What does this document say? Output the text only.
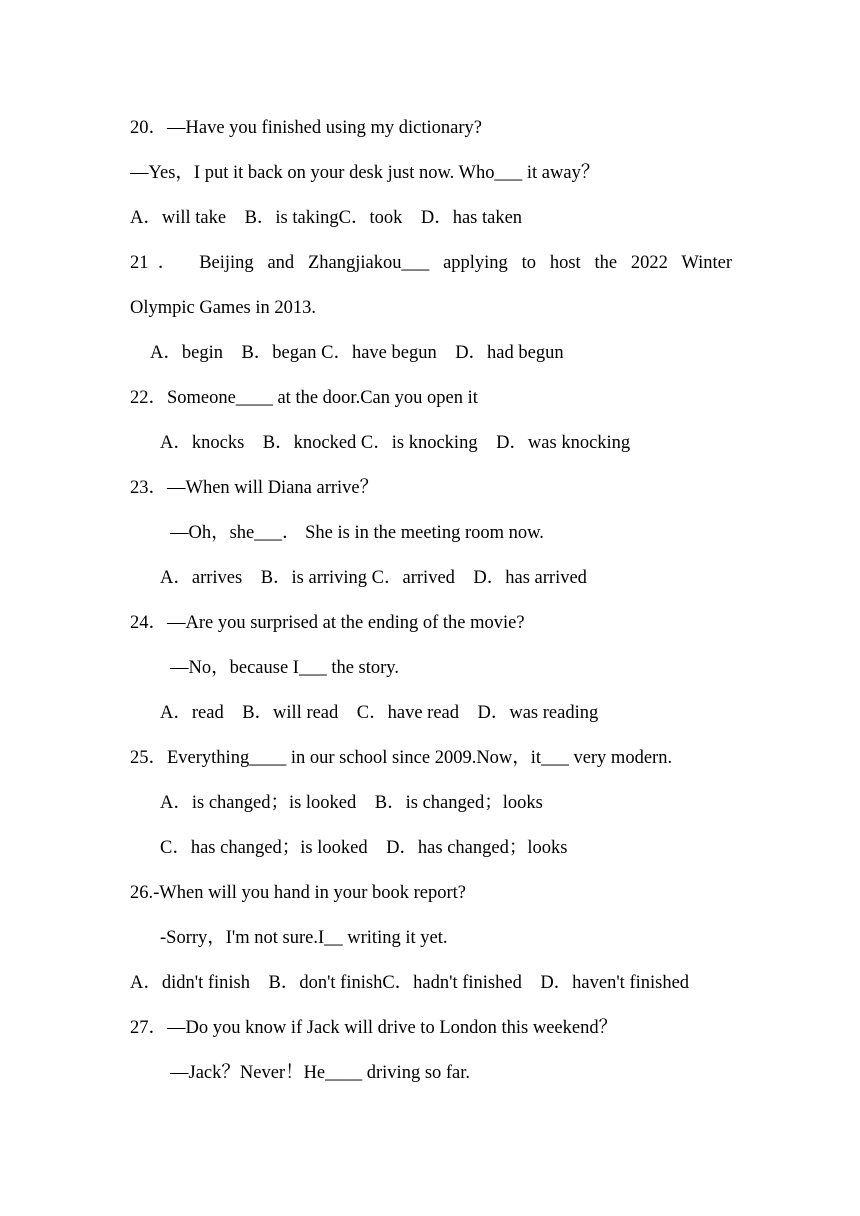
20．—Have you finished using my dictionary?
—Yes，I put it back on your desk just now. Who___ it away？
A．will take　B．is takingC．took　D．has taken
21． Beijing and Zhangjiakou___ applying to host the 2022 Winter
Olympic Games in 2013.
A．begin　B．began C．have begun　D．had begun
22．Someone____ at the door.Can you open it
A．knocks　B．knocked C．is knocking　D．was knocking
23．—When will Diana arrive？
—Oh，she___． She is in the meeting room now.
A．arrives　B．is arriving C．arrived　D．has arrived
24．—Are you surprised at the ending of the movie?
—No，because I___ the story.
A．read　B．will read　C．have read　D．was reading
25．Everything____ in our school since 2009.Now，it___ very modern.
A．is changed；is looked　B．is changed；looks
C．has changed；is looked　D．has changed；looks
26.-When will you hand in your book report?
-Sorry，I'm not sure.I__ writing it yet.
A．didn't finish　B．don't finishC．hadn't finished　D．haven't finished
27．—Do you know if Jack will drive to London this weekend？
—Jack？Never！He____ driving so far.
